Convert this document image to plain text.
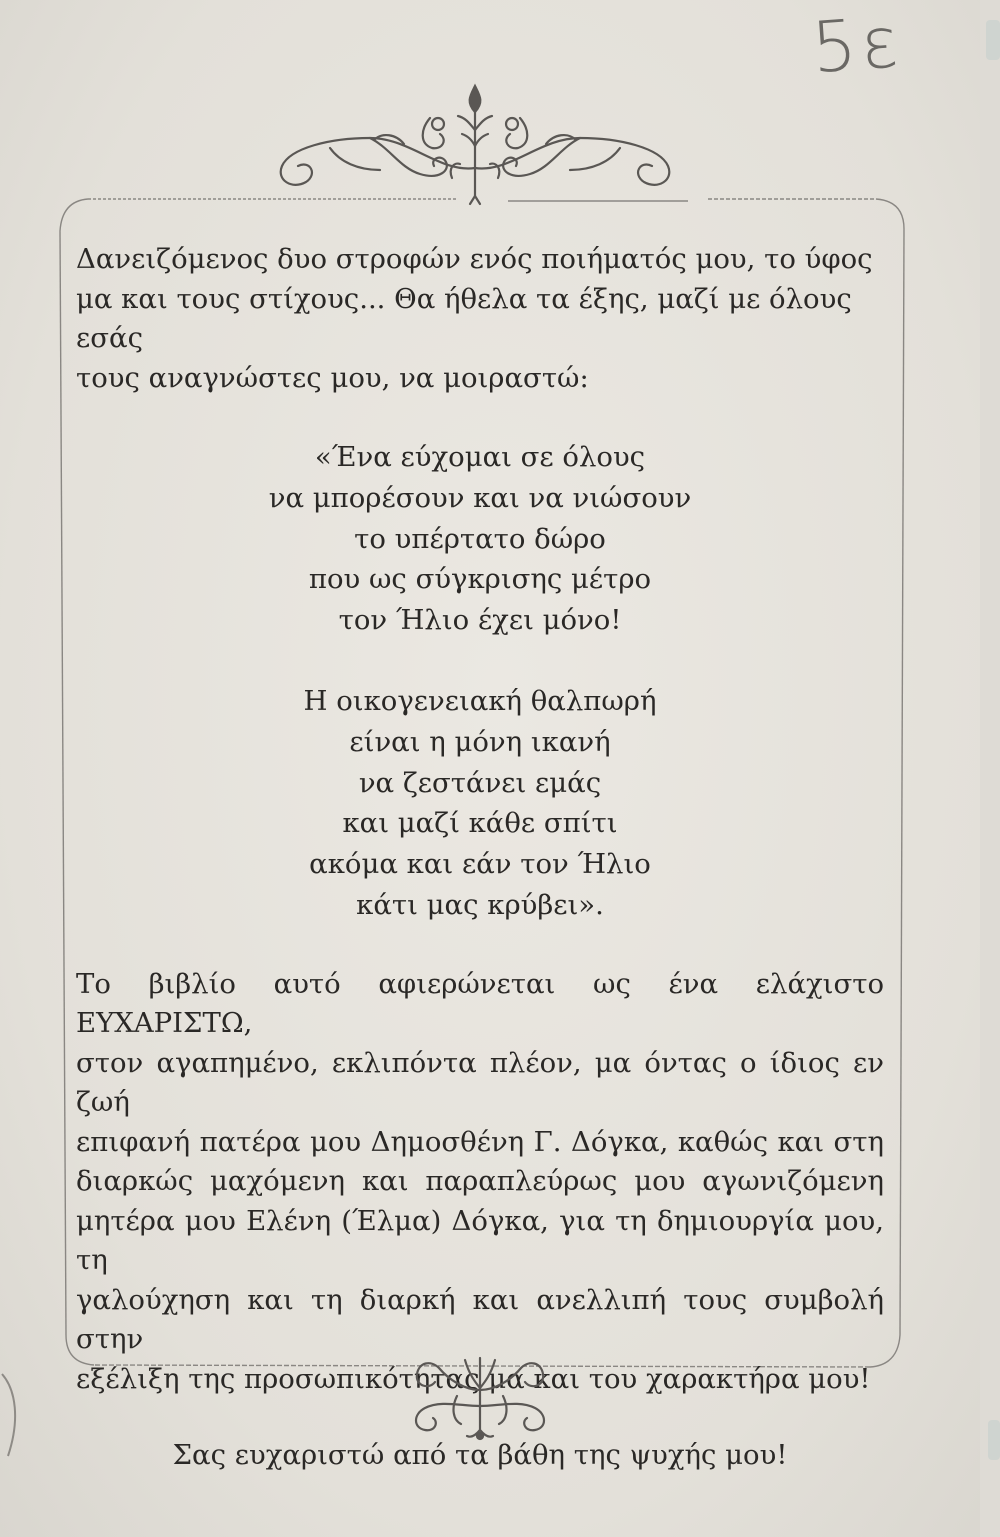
5ε

Δανειζόμενος δυο στροφών ενός ποιήματός μου, το ύφος
μα και τους στίχους... Θα ήθελα τα έξης, μαζί με όλους εσάς
τους αναγνώστες μου, να μοιραστώ:

«Ένα εύχομαι σε όλους
να μπορέσουν και να νιώσουν
το υπέρτατο δώρο
που ως σύγκρισης μέτρο
τον Ήλιο έχει μόνο!

Η οικογενειακή θαλπωρή
είναι η μόνη ικανή
να ζεστάνει εμάς
και μαζί κάθε σπίτι
ακόμα και εάν τον Ήλιο
κάτι μας κρύβει».

Το βιβλίο αυτό αφιερώνεται ως ένα ελάχιστο ΕΥΧΑΡΙΣΤΩ,
στον αγαπημένο, εκλιπόντα πλέον, μα όντας ο ίδιος εν ζωή
επιφανή πατέρα μου Δημοσθένη Γ. Δόγκα, καθώς και στη
διαρκώς μαχόμενη και παραπλεύρως μου αγωνιζόμενη
μητέρα μου Ελένη (Έλμα) Δόγκα, για τη δημιουργία μου, τη
γαλούχηση και τη διαρκή και ανελλιπή τους συμβολή στην
εξέλιξη της προσωπικότητας μα και του χαρακτήρα μου!

Σας ευχαριστώ από τα βάθη της ψυχής μου!
